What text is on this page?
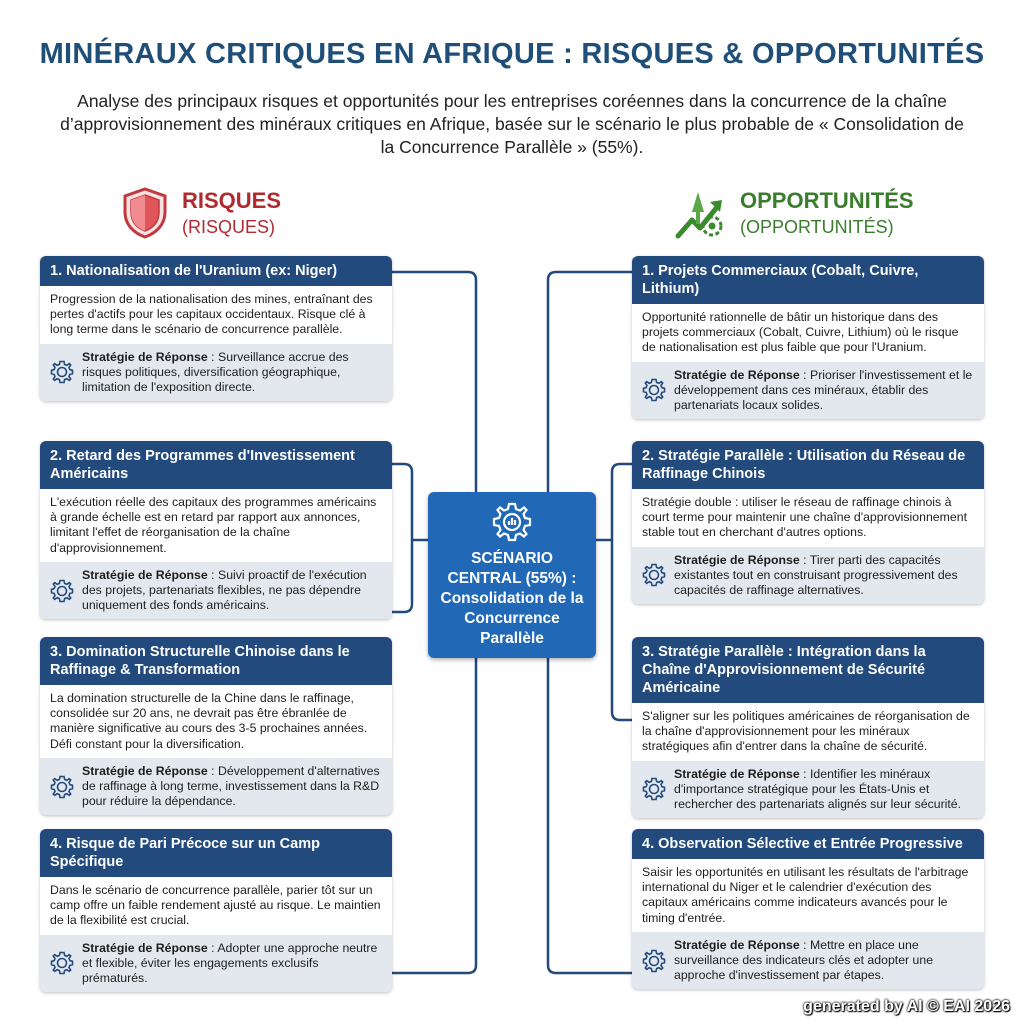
MINÉRAUX CRITIQUES EN AFRIQUE : RISQUES & OPPORTUNITÉS
Analyse des principaux risques et opportunités pour les entreprises coréennes dans la concurrence de la chaîne d’approvisionnement des minéraux critiques en Afrique, basée sur le scénario le plus probable de « Consolidation de la Concurrence Parallèle » (55%).
RISQUES
(RISQUES)
OPPORTUNITÉS
(OPPORTUNITÉS)
SCÉNARIO CENTRAL (55%) : Consolidation de la Concurrence Parallèle
1. Nationalisation de l'Uranium (ex: Niger)
Progression de la nationalisation des mines, entraînant des pertes d'actifs pour les capitaux occidentaux. Risque clé à long terme dans le scénario de concurrence parallèle.
Stratégie de Réponse : Surveillance accrue des risques politiques, diversification géographique, limitation de l'exposition directe.
2. Retard des Programmes d'Investissement Américains
L'exécution réelle des capitaux des programmes américains à grande échelle est en retard par rapport aux annonces, limitant l'effet de réorganisation de la chaîne d'approvisionnement.
Stratégie de Réponse : Suivi proactif de l'exécution des projets, partenariats flexibles, ne pas dépendre uniquement des fonds américains.
3. Domination Structurelle Chinoise dans le Raffinage & Transformation
La domination structurelle de la Chine dans le raffinage, consolidée sur 20 ans, ne devrait pas être ébranlée de manière significative au cours des 3-5 prochaines années. Défi constant pour la diversification.
Stratégie de Réponse : Développement d'alternatives de raffinage à long terme, investissement dans la R&D pour réduire la dépendance.
4. Risque de Pari Précoce sur un Camp Spécifique
Dans le scénario de concurrence parallèle, parier tôt sur un camp offre un faible rendement ajusté au risque. Le maintien de la flexibilité est crucial.
Stratégie de Réponse : Adopter une approche neutre et flexible, éviter les engagements exclusifs prématurés.
1. Projets Commerciaux (Cobalt, Cuivre, Lithium)
Opportunité rationnelle de bâtir un historique dans des projets commerciaux (Cobalt, Cuivre, Lithium) où le risque de nationalisation est plus faible que pour l'Uranium.
Stratégie de Réponse : Prioriser l'investissement et le développement dans ces minéraux, établir des partenariats locaux solides.
2. Stratégie Parallèle : Utilisation du Réseau de Raffinage Chinois
Stratégie double : utiliser le réseau de raffinage chinois à court terme pour maintenir une chaîne d'approvisionnement stable tout en cherchant d'autres options.
Stratégie de Réponse : Tirer parti des capacités existantes tout en construisant progressivement des capacités de raffinage alternatives.
3. Stratégie Parallèle : Intégration dans la Chaîne d'Approvisionnement de Sécurité Américaine
S'aligner sur les politiques américaines de réorganisation de la chaîne d'approvisionnement pour les minéraux stratégiques afin d'entrer dans la chaîne de sécurité.
Stratégie de Réponse : Identifier les minéraux d'importance stratégique pour les États-Unis et rechercher des partenariats alignés sur leur sécurité.
4. Observation Sélective et Entrée Progressive
Saisir les opportunités en utilisant les résultats de l'arbitrage international du Niger et le calendrier d'exécution des capitaux américains comme indicateurs avancés pour le timing d'entrée.
Stratégie de Réponse : Mettre en place une surveillance des indicateurs clés et adopter une approche d'investissement par étapes.
generated by AI © EAI 2026
